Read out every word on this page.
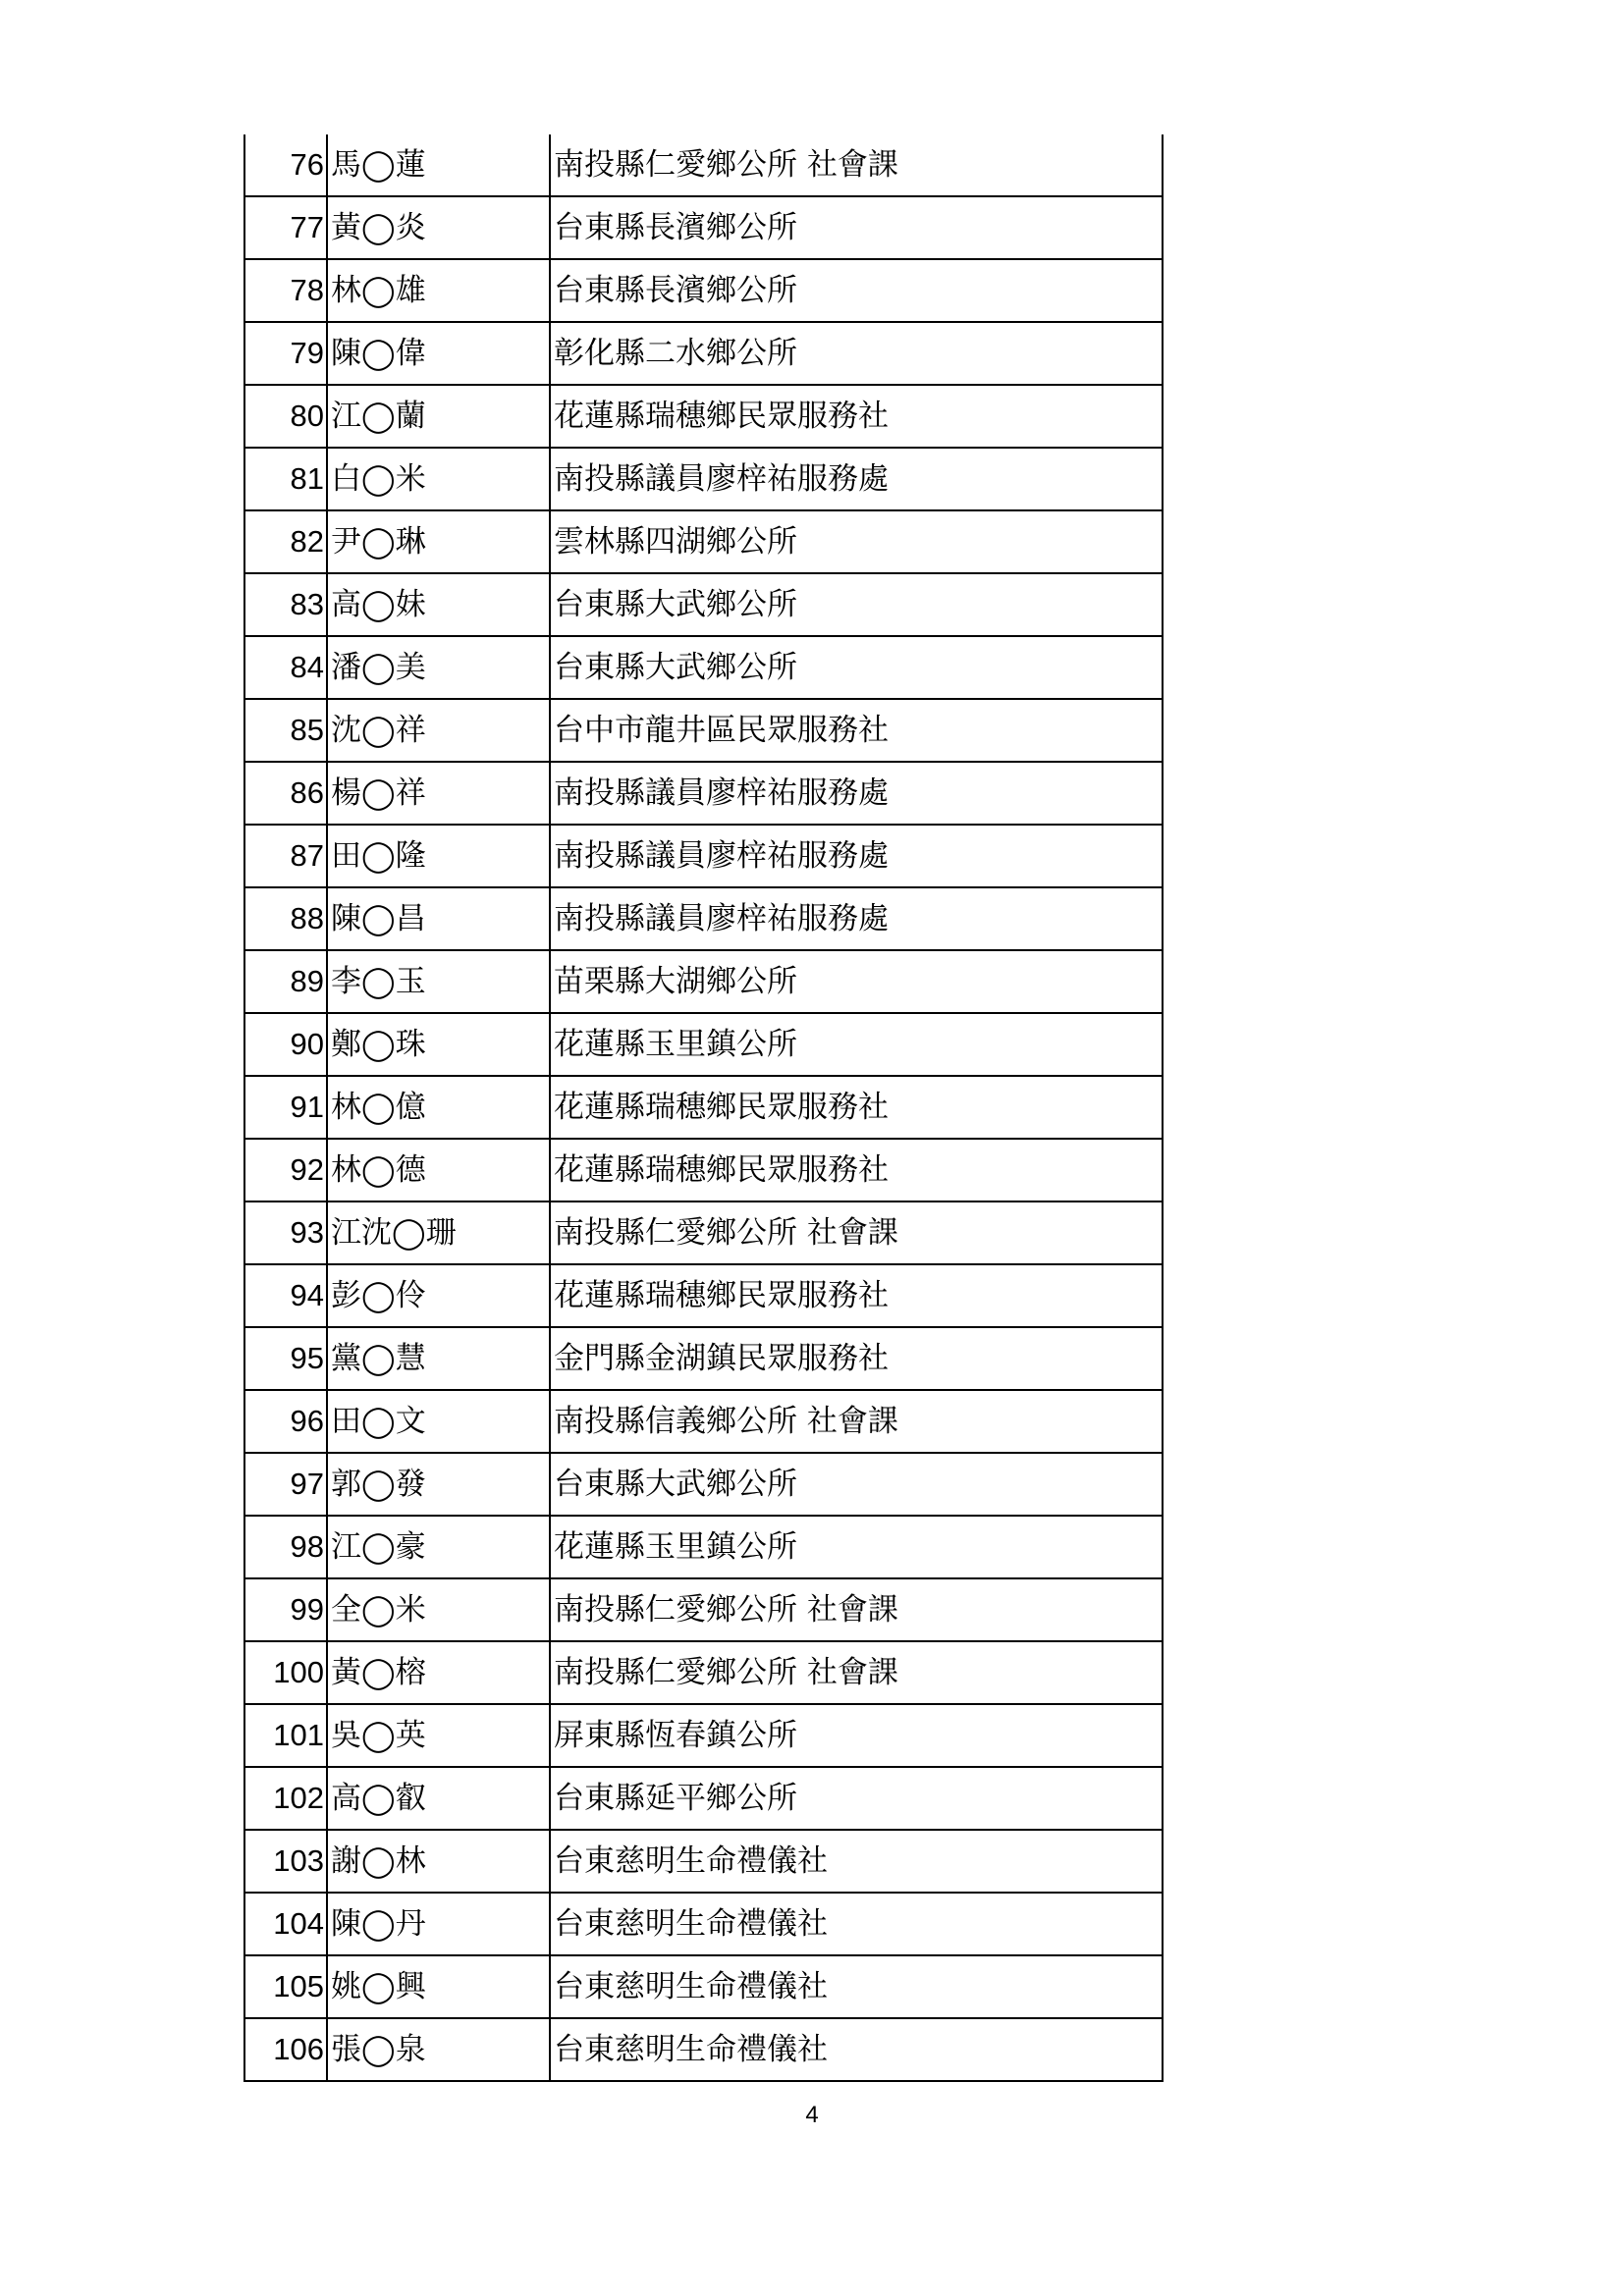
76	馬◯蓮	南投縣仁愛鄉公所 社會課
77	黃◯炎	台東縣長濱鄉公所
78	林◯雄	台東縣長濱鄉公所
79	陳◯偉	彰化縣二水鄉公所
80	江◯蘭	花蓮縣瑞穗鄉民眾服務社
81	白◯米	南投縣議員廖梓祐服務處
82	尹◯琳	雲林縣四湖鄉公所
83	高◯妹	台東縣大武鄉公所
84	潘◯美	台東縣大武鄉公所
85	沈◯祥	台中市龍井區民眾服務社
86	楊◯祥	南投縣議員廖梓祐服務處
87	田◯隆	南投縣議員廖梓祐服務處
88	陳◯昌	南投縣議員廖梓祐服務處
89	李◯玉	苗栗縣大湖鄉公所
90	鄭◯珠	花蓮縣玉里鎮公所
91	林◯億	花蓮縣瑞穗鄉民眾服務社
92	林◯德	花蓮縣瑞穗鄉民眾服務社
93	江沈◯珊	南投縣仁愛鄉公所 社會課
94	彭◯伶	花蓮縣瑞穗鄉民眾服務社
95	黨◯慧	金門縣金湖鎮民眾服務社
96	田◯文	南投縣信義鄉公所 社會課
97	郭◯發	台東縣大武鄉公所
98	江◯豪	花蓮縣玉里鎮公所
99	全◯米	南投縣仁愛鄉公所 社會課
100	黃◯榕	南投縣仁愛鄉公所 社會課
101	吳◯英	屏東縣恆春鎮公所
102	高◯叡	台東縣延平鄉公所
103	謝◯林	台東慈明生命禮儀社
104	陳◯丹	台東慈明生命禮儀社
105	姚◯興	台東慈明生命禮儀社
106	張◯泉	台東慈明生命禮儀社
4
